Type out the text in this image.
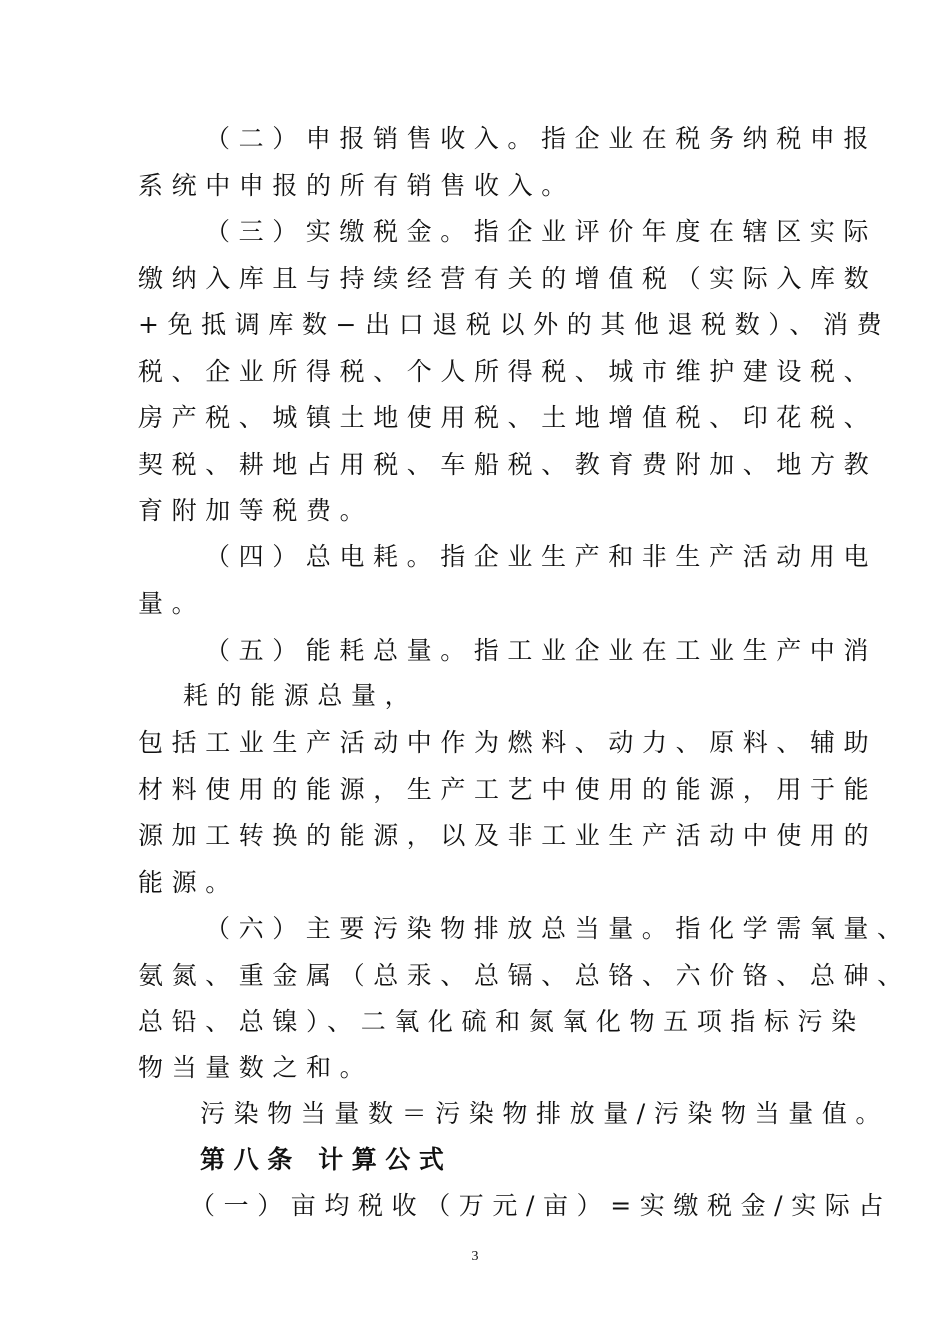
（二）申报销售收入。指企业在税务纳税申报
系统中申报的所有销售收入。
（三）实缴税金。指企业评价年度在辖区实际
缴纳入库且与持续经营有关的增值税（实际入库数
+免抵调库数−出口退税以外的其他退税数）、消费
税、企业所得税、个人所得税、城市维护建设税、
房产税、城镇土地使用税、土地增值税、印花税、
契税、耕地占用税、车船税、教育费附加、地方教
育附加等税费。
（四）总电耗。指企业生产和非生产活动用电
量。
（五）能耗总量。指工业企业在工业生产中消
耗的能源总量，
包括工业生产活动中作为燃料、动力、原料、辅助
材料使用的能源，生产工艺中使用的能源，用于能
源加工转换的能源，以及非工业生产活动中使用的
能源。
（六）主要污染物排放总当量。指化学需氧量、
氨氮、重金属（总汞、总镉、总铬、六价铬、总砷、
总铅、总镍）、二氧化硫和氮氧化物五项指标污染
物当量数之和。
污染物当量数＝污染物排放量/污染物当量值。
第八条 计算公式
（一）亩均税收（万元/亩）=实缴税金/实际占
3
